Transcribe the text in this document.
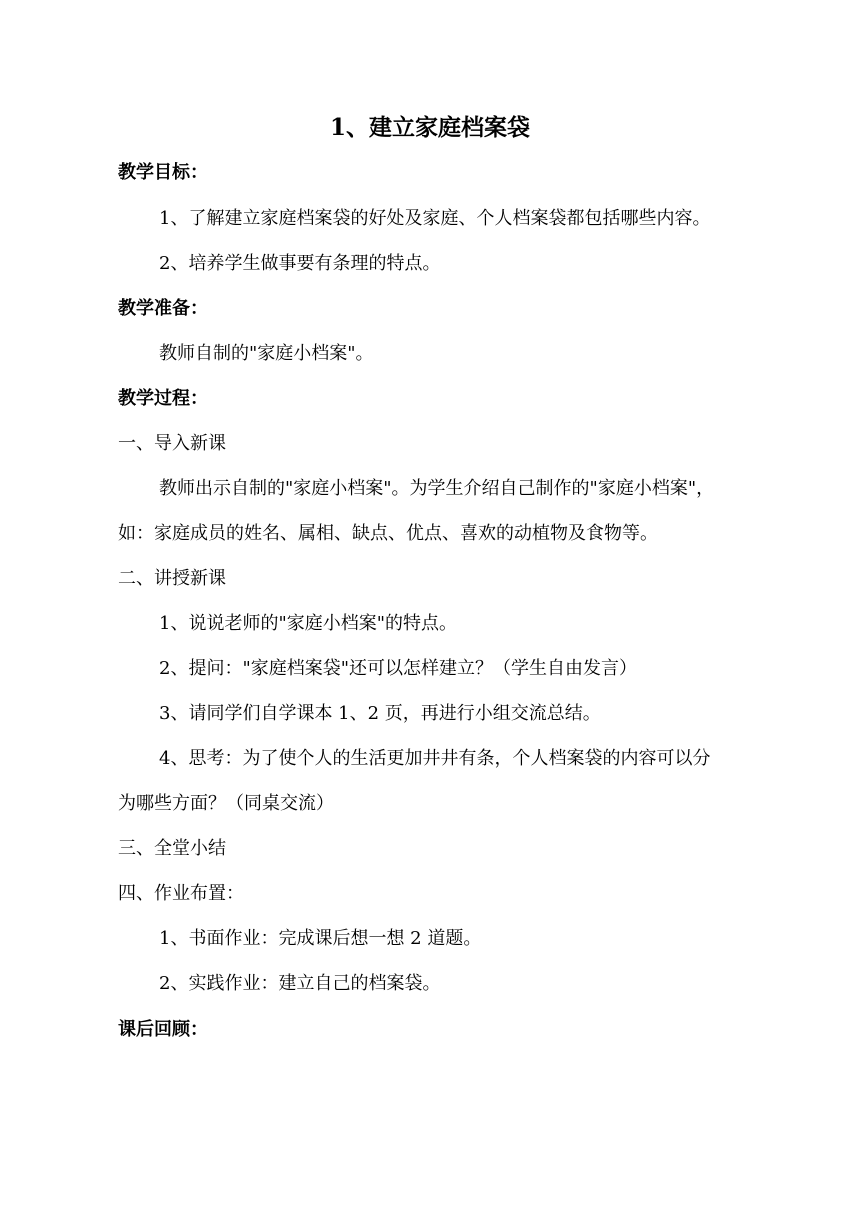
1、建立家庭档案袋
教学目标：
1、了解建立家庭档案袋的好处及家庭、个人档案袋都包括哪些内容。
2、培养学生做事要有条理的特点。
教学准备：
教师自制的"家庭小档案"。
教学过程：
一、导入新课
教师出示自制的"家庭小档案"。为学生介绍自己制作的"家庭小档案"，
如：家庭成员的姓名、属相、缺点、优点、喜欢的动植物及食物等。
二、讲授新课
1、说说老师的"家庭小档案"的特点。
2、提问："家庭档案袋"还可以怎样建立？（学生自由发言）
3、请同学们自学课本 1、2 页，再进行小组交流总结。
4、思考：为了使个人的生活更加井井有条，个人档案袋的内容可以分
为哪些方面？（同桌交流）
三、全堂小结
四、作业布置：
1、书面作业：完成课后想一想 2 道题。
2、实践作业：建立自己的档案袋。
课后回顾：
